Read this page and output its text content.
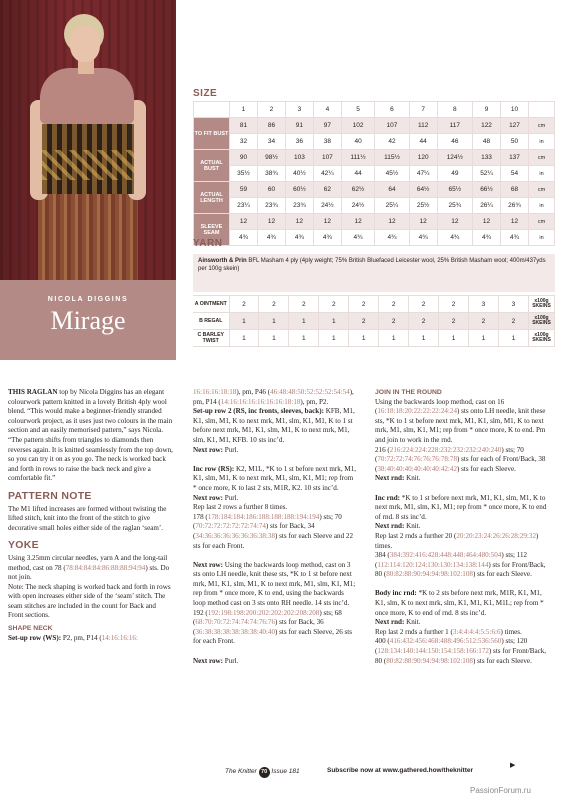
NICOLA DIGGINS
Mirage
SIZE
	1	2	3	4	5	6	7	8	9	10	
TO FIT BUST	81	86	91	97	102	107	112	117	122	127	cm
	32	34	36	38	40	42	44	46	48	50	in
ACTUAL BUST	90	98½	103	107	111½	115½	120	124½	133	137	cm
	35½	38¾	40½	42¼	44	45½	47¼	49	52¼	54	in
ACTUAL LENGTH	59	60	60½	62	62½	64	64½	65½	66½	68	cm
	23¼	23¾	23¾	24½	24½	25¼	25½	25¾	26¼	26¾	in
SLEEVE SEAM	12	12	12	12	12	12	12	12	12	12	cm
	4¾	4¾	4¾	4¾	4¾	4¾	4¾	4¾	4¾	4¾	in
YARN
Ainsworth & Prin BFL Masham 4 ply (4ply weight; 75% British Bluefaced Leicester wool, 25% British Masham wool; 400m/437yds per 100g skein)
A OINTMENT	2	2	2	2	2	2	2	2	3	3	x100g SKEINS
B REGAL	1	1	1	1	2	2	2	2	2	2	x100g SKEINS
C BARLEY TWIST	1	1	1	1	1	1	1	1	1	1	x100g SKEINS

THIS RAGLAN top by Nicola Diggins has an elegant colourwork pattern knitted in a lovely British 4ply wool blend. “This would make a beginner-friendly stranded colourwork project, as it uses just two colours in the main section and an easily memorised pattern,” says Nicola. “The pattern shifts from triangles to diamonds then reverses again. It is knitted seamlessly from the top down, so you can try it on as you go. The neck is worked back and forth in rows to raise the back neck and give a comfortable fit.”

PATTERN NOTE

The M1 lifted increases are formed without twisting the lifted stitch, knit into the front of the stitch to give decorative small holes either side of the raglan ‘seam’.

YOKE

Using 3.25mm circular needles, yarn A and the long-tail method, cast on 78 (78:84:84:84:86:88:88:94:94) sts. Do not join.

Note: The neck shaping is worked back and forth in rows with open increases either side of the ‘seam’ stitch. The seam stitches are included in the count for Back and Front sections.

SHAPE NECK

Set-up row (WS): P2, pm, P14 (14:16:16:16:

16:16:16:18:18), pm, P46 (46:48:48:50:52:52:52:54:54), pm, P14 (14:16:16:16:16:16:16:18:18), pm, P2.

Set-up row 2 (RS, inc fronts, sleeves, back): KFB, M1, K1, slm, M1, K to next mrk, M1, slm, K1, M1, K to 1 st before next mrk, M1, K1, slm, M1, K to next mrk, M1, slm, K1, M1, KFB. 10 sts inc’d.

Next row: Purl.

Inc row (RS): K2, M1L, *K to 1 st before next mrk, M1, K1, slm, M1, K to next mrk, M1, slm, K1, M1; rep from * once more, K to last 2 sts, M1R, K2. 10 sts inc’d.

Next row: Purl.

Rep last 2 rows a further 8 times.

178 (178:184:184:186:188:188:188:194:194) sts; 70 (70:72:72:72:72:72:74:74) sts for Back, 34 (34:36:36:36:36:36:36:38:38) sts for each Sleeve and 22 sts for each Front.

Next row: Using the backwards loop method, cast on 3 sts onto LH needle, knit these sts, *K to 1 st before next mrk, M1, K1, slm, M1, K to next mrk, M1, slm, K1, M1; rep from * once more, K to end, using the backwards loop method cast on 3 sts onto RH needle. 14 sts inc’d.

192 (192:198:198:200:202:202:202:208:208) sts; 68 (68:70:70:72:74:74:74:76:76) sts for Back, 36 (36:38:38:38:38:38:38:40:40) sts for each Sleeve, 26 sts for each Front.

Next row: Purl.

JOIN IN THE ROUND

Using the backwards loop method, cast on 16 (16:18:18:20:22:22:22:24:24) sts onto LH needle, knit these sts, *K to 1 st before next mrk, M1, K1, slm, M1, K to next mrk, M1, slm, K1, M1; rep from * once more, K to end. Pm and join to work in the rnd.

216 (216:224:224:228:232:232:232:240:240) sts; 70 (70:72:72:74:76:76:76:78:78) sts for each of Front/Back, 38 (38:40:40:40:40:40:40:42:42) sts for each Sleeve.

Next rnd: Knit.

Inc rnd: *K to 1 st before next mrk, M1, K1, slm, M1, K to next mrk, M1, slm, K1, M1; rep from * once more, K to end of rnd. 8 sts inc’d.

Next rnd: Knit.

Rep last 2 rnds a further 20 (20:20:23:24:26:26:28:29:32) times.

384 (384:392:416:428:448:448:464:480:504) sts; 112 (112:114:120:124:130:130:134:138:144) sts for Front/Back, 80 (80:82:88:90:94:94:98:102:108) sts for each Sleeve.

Body inc rnd: *K to 2 sts before next mrk, M1R, K1, M1, K1, slm, K to next mrk, slm, K1, M1, K1, M1L; rep from * once more, K to end of rnd. 8 sts inc’d.

Next rnd: Knit.

Rep last 2 rnds a further 1 (3:4:4:4:4:5:5:6:6) times.

400 (416:432:456:468:488:496:512:536:560) sts; 120 (128:134:140:144:150:154:158:166:172) sts for Front/Back, 80 (80:82:88:90:94:94:98:102:108) sts for each Sleeve.

The Knitter 70 Issue 181	Subscribe now at www.gathered.how/theknitter
▶
PassionForum.ru
